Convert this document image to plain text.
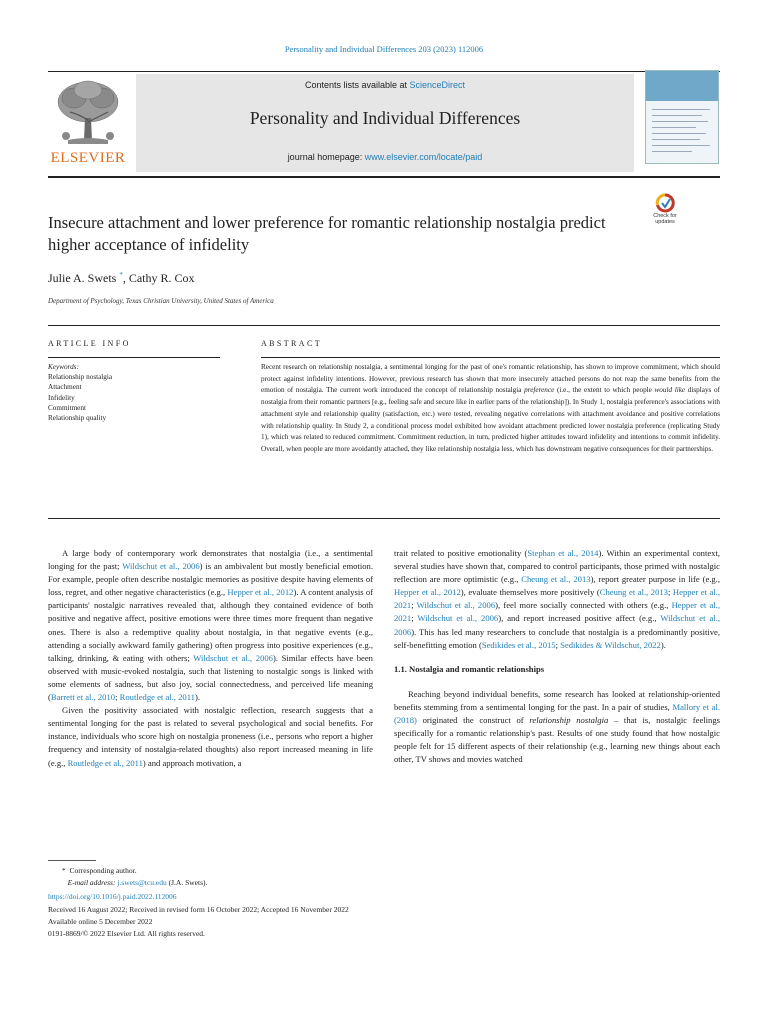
Personality and Individual Differences 203 (2023) 112006
ELSEVIER
Contents lists available at ScienceDirect
Personality and Individual Differences
journal homepage: www.elsevier.com/locate/paid
Check for
updates
Insecure attachment and lower preference for romantic relationship nostalgia predict higher acceptance of infidelity
Julie A. Swets *, Cathy R. Cox
Department of Psychology, Texas Christian University, United States of America
ARTICLE INFO	ABSTRACT
Keywords:
Relationship nostalgia
Attachment
Infidelity
Commitment
Relationship quality
Recent research on relationship nostalgia, a sentimental longing for the past of one's romantic relationship, has shown to improve commitment, which should protect against infidelity intentions. However, previous research has shown that more insecurely attached persons do not reap the same benefits from the emotion of nostalgia. The current work introduced the concept of relationship nostalgia preference (i.e., the extent to which people would like displays of nostalgia from their romantic partners [e.g., feeling safe and secure like in earlier parts of the relationship]). In Study 1, nostalgia preference's associations with attachment style and relationship quality (satisfaction, etc.) were tested, revealing negative correlations with attachment avoidance and positive correlations with relationship quality. In Study 2, a conditional process model exhibited how avoidant attachment predicted lower nostalgia preference (replicating Study 1), which was related to reduced commitment. Commitment reduction, in turn, predicted higher attitudes toward infidelity and intentions to commit infidelity. Overall, when people are more avoidantly attached, they like relationship nostalgia less, which has downstream negative consequences for their partnerships.

A large body of contemporary work demonstrates that nostalgia (i.e., a sentimental longing for the past; Wildschut et al., 2006) is an ambivalent but mostly beneficial emotion. For example, people often describe nostalgic memories as positive despite having elements of loss, regret, and other negative characteristics (e.g., Hepper et al., 2012). A content analysis of participants' nostalgic narratives revealed that, although they contained evidence of both positive and negative affect, positive emotions were three times more frequent than negative ones. There is also a redemptive quality about nostalgia, in that negative events (e.g., attending a socially awkward family gathering) often progress into positive experiences (e.g., talking, drinking, & eating with others; Wildschut et al., 2006). Similar effects have been observed with music-evoked nostalgia, such that listening to nostalgic songs is linked with some elements of sadness, but also joy, social connectedness, and perceived life meaning (Barrett et al., 2010; Routledge et al., 2011).

Given the positivity associated with nostalgic reflection, research suggests that a sentimental longing for the past is related to several psychological and social benefits. For instance, individuals who score high on nostalgia proneness (i.e., persons who report a higher frequency and intensity of nostalgia-related thoughts) also report increased meaning in life (e.g., Routledge et al., 2011) and approach motivation, a

trait related to positive emotionality (Stephan et al., 2014). Within an experimental context, several studies have shown that, compared to control participants, those primed with nostalgic reflection are more optimistic (e.g., Cheung et al., 2013), report greater purpose in life (e.g., Hepper et al., 2012), evaluate themselves more positively (Cheung et al., 2013; Hepper et al., 2021; Wildschut et al., 2006), feel more socially connected with others (e.g., Hepper et al., 2021; Wildschut et al., 2006), and report increased positive affect (e.g., Wildschut et al., 2006). This has led many researchers to conclude that nostalgia is a predominantly positive, self-benefitting emotion (Sedikides et al., 2015; Sedikides & Wildschut, 2022).

1.1. Nostalgia and romantic relationships

Reaching beyond individual benefits, some research has looked at relationship-oriented benefits stemming from a sentimental longing for the past. In a pair of studies, Mallory et al. (2018) originated the construct of relationship nostalgia – that is, nostalgic feelings specifically for a romantic relationship's past. Results of one study found that how nostalgic people felt for 15 different aspects of their relationship (e.g., learning new things about each other, TV shows and movies watched

* Corresponding author.
E-mail address: j.swets@tcu.edu (J.A. Swets).
https://doi.org/10.1016/j.paid.2022.112006
Received 16 August 2022; Received in revised form 16 October 2022; Accepted 16 November 2022
Available online 5 December 2022
0191-8869/© 2022 Elsevier Ltd. All rights reserved.
